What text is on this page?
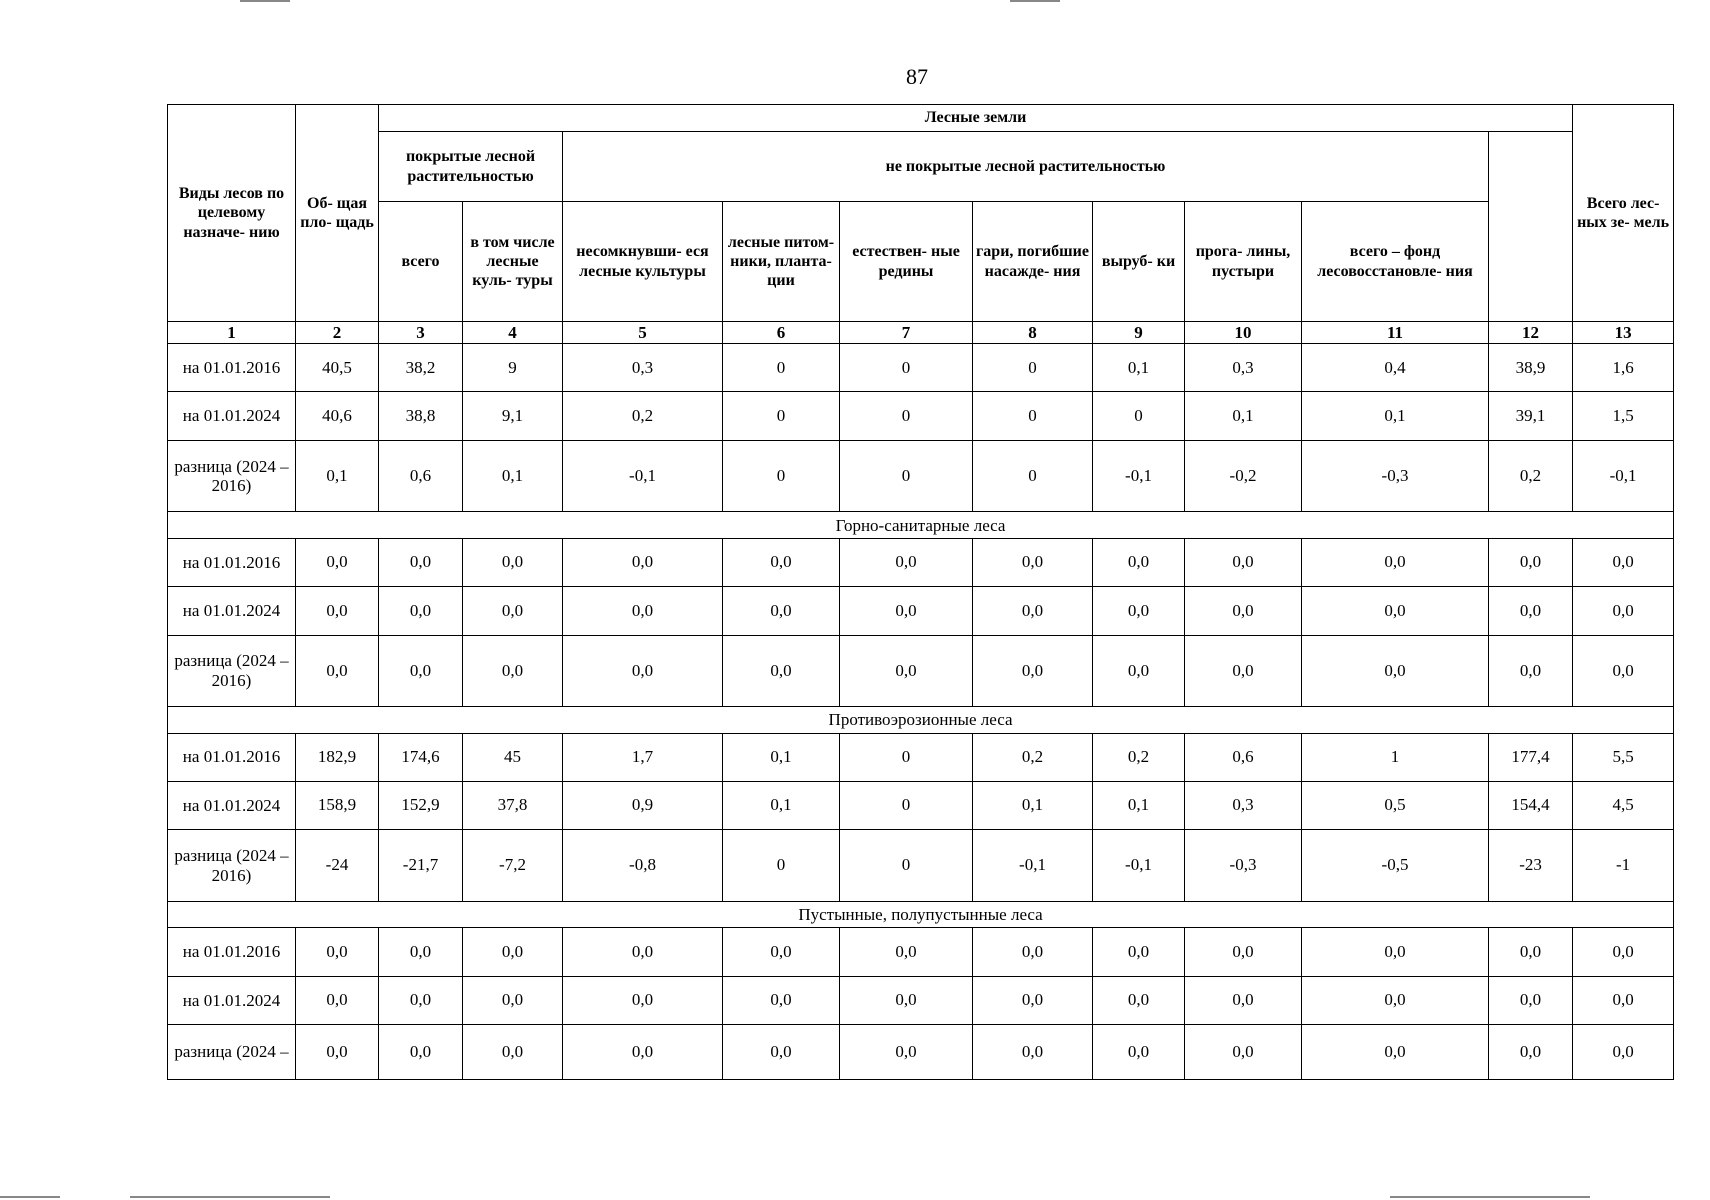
87
Виды лесов по целевому назначе- нию	Об- щая пло- щадь	Лесные земли										Всего лес- ных зе- мель	
		покрытые лесной растительностью		не покрытые лесной растительностью									
		всего	в том числе лесные куль- туры	несомкнувши- еся лесные культуры	лесные питом- ники, планта- ции	естествен- ные редины	гари, погибшие насажде- ния	выруб- ки	прога- лины, пустыри	всего – фонд лесовосстановле- ния			
1	2	3	4	5	6	7	8	9	10	11	12	13	
на 01.01.2016	40,5	38,2	9	0,3	0	0	0	0,1	0,3	0,4	38,9	1,6	
на 01.01.2024	40,6	38,8	9,1	0,2	0	0	0	0	0,1	0,1	39,1	1,5	
разница (2024 – 2016)	0,1	0,6	0,1	-0,1	0	0	0	-0,1	-0,2	-0,3	0,2	-0,1	
Горно-санитарные леса													
на 01.01.2016	0,0	0,0	0,0	0,0	0,0	0,0	0,0	0,0	0,0	0,0	0,0	0,0	
на 01.01.2024	0,0	0,0	0,0	0,0	0,0	0,0	0,0	0,0	0,0	0,0	0,0	0,0	
разница (2024 – 2016)	0,0	0,0	0,0	0,0	0,0	0,0	0,0	0,0	0,0	0,0	0,0	0,0	
Противоэрозионные леса													
на 01.01.2016	182,9	174,6	45	1,7	0,1	0	0,2	0,2	0,6	1	177,4	5,5	
на 01.01.2024	158,9	152,9	37,8	0,9	0,1	0	0,1	0,1	0,3	0,5	154,4	4,5	
разница (2024 – 2016)	-24	-21,7	-7,2	-0,8	0	0	-0,1	-0,1	-0,3	-0,5	-23	-1	
Пустынные, полупустынные леса													
на 01.01.2016	0,0	0,0	0,0	0,0	0,0	0,0	0,0	0,0	0,0	0,0	0,0	0,0	
на 01.01.2024	0,0	0,0	0,0	0,0	0,0	0,0	0,0	0,0	0,0	0,0	0,0	0,0	
разница (2024 –	0,0	0,0	0,0	0,0	0,0	0,0	0,0	0,0	0,0	0,0	0,0	0,0	
